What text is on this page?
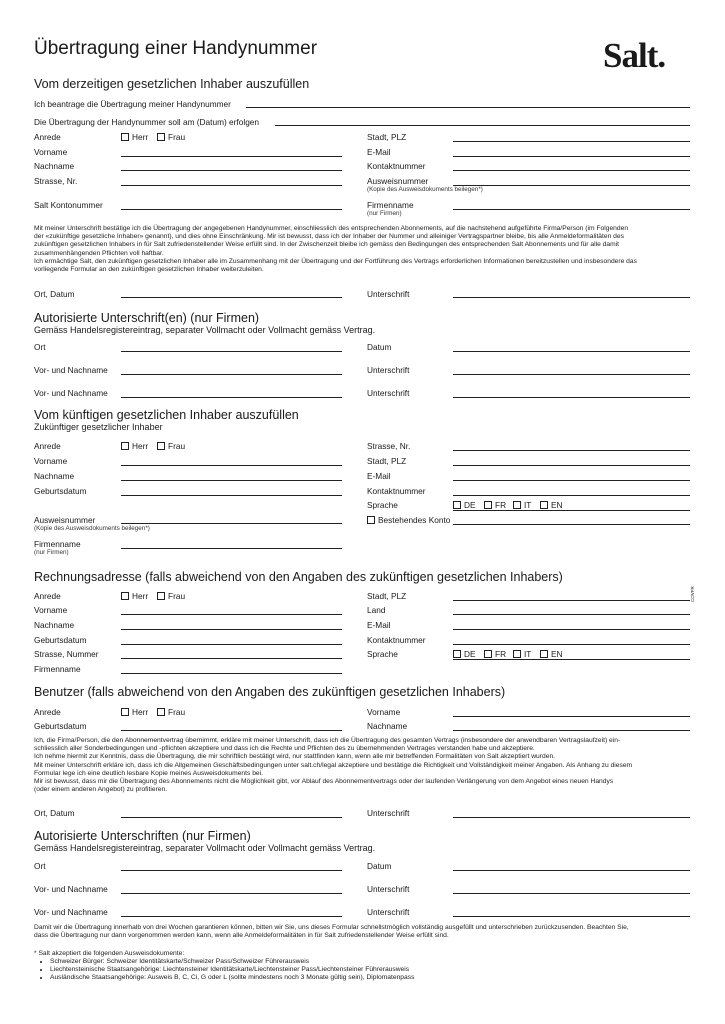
Übertragung einer Handynummer	Salt.
Vom derzeitigen gesetzlichen Inhaber auszufüllen
Ich beantrage die Übertragung meiner Handynummer
Die Übertragung der Handynummer soll am (Datum) erfolgen
Anrede	Herr	Frau	Stadt, PLZ
Vorname	E-Mail
Nachname	Kontaktnummer
Strasse, Nr.	Ausweisnummer
(Kopie des Ausweisdokuments beilegen*)
Salt Kontonummer	Firmenname
(nur Firmen)

Mit meiner Unterschrift bestätige ich die Übertragung der angegebenen Handynummer, einschliesslich des entsprechenden Abonnements, auf die nachstehend aufgeführte Firma/Person (im Folgenden

der «zukünftige gesetzliche Inhaber» genannt), und dies ohne Einschränkung. Mir ist bewusst, dass ich der Inhaber der Nummer und alleiniger Vertragspartner bleibe, bis alle Anmeldeformalitäten des

zukünftigen gesetzlichen Inhabers in für Salt zufriedenstellender Weise erfüllt sind. In der Zwischenzeit bleibe ich gemäss den Bedingungen des entsprechenden Salt Abonnements und für alle damit

zusammenhängenden Pflichten voll haftbar.

Ich ermächtige Salt, den zukünftigen gesetzlichen Inhaber alle im Zusammenhang mit der Übertragung und der Fortführung des Vertrags erforderlichen Informationen bereitzustellen und insbesondere das

vorliegende Formular an den zukünftigen gesetzlichen Inhaber weiterzuleiten.

Ort, Datum	Unterschrift
Autorisierte Unterschrift(en) (nur Firmen)
Gemäss Handelsregistereintrag, separater Vollmacht oder Vollmacht gemäss Vertrag.
Ort	Datum
Vor- und Nachname	Unterschrift
Vor- und Nachname	Unterschrift
Vom künftigen gesetzlichen Inhaber auszufüllen
Zukünftiger gesetzlicher Inhaber
Anrede	Herr	Frau	Strasse, Nr.
Vorname	Stadt, PLZ
Nachname	E-Mail
Geburtsdatum	Kontaktnummer
Sprache	DE	FR	IT	EN
Ausweisnummer
(Kopie des Ausweisdokuments beilegen*)
Bestehendes Konto
Firmenname
(nur Firmen)
Rechnungsadresse (falls abweichend von den Angaben des zukünftigen gesetzlichen Inhabers)
Anrede	Herr	Frau	Stadt, PLZ
Vorname	Land
Nachname	E-Mail
Geburtsdatum	Kontaktnummer
Strasse, Nummer	Sprache	DE	FR	IT	EN
Firmenname
COVFR
Benutzer (falls abweichend von den Angaben des zukünftigen gesetzlichen Inhabers)
Anrede	Herr	Frau	Vorname
Geburtsdatum	Nachname

Ich, die Firma/Person, die den Abonnementvertrag übernimmt, erkläre mit meiner Unterschrift, dass ich die Übertragung des gesamten Vertrags (insbesondere der anwendbaren Vertragslaufzeit) ein-

schliesslich aller Sonderbedingungen und -pflichten akzeptiere und dass ich die Rechte und Pflichten des zu übernehmenden Vertrages verstanden habe und akzeptiere.

Ich nehme hiermit zur Kenntnis, dass die Übertragung, die mir schriftlich bestätigt wird, nur stattfinden kann, wenn alle mir betreffenden Formalitäten von Salt akzeptiert wurden.

Mit meiner Unterschrift erkläre ich, dass ich die Allgemeinen Geschäftsbedingungen unter salt.ch/legal akzeptiere und bestätige die Richtigkeit und Vollständigkeit meiner Angaben. Als Anhang zu diesem

Formular lege ich eine deutlich lesbare Kopie meines Ausweisdokuments bei.

Mir ist bewusst, dass mir die Übertragung des Abonnements nicht die Möglichkeit gibt, vor Ablauf des Abonnementvertrags oder der laufenden Verlängerung von dem Angebot eines neuen Handys

(oder einem anderen Angebot) zu profitieren.

Ort, Datum	Unterschrift
Autorisierte Unterschriften (nur Firmen)
Gemäss Handelsregistereintrag, separater Vollmacht oder Vollmacht gemäss Vertrag.
Ort	Datum
Vor- und Nachname	Unterschrift
Vor- und Nachname	Unterschrift

Damit wir die Übertragung innerhalb von drei Wochen garantieren können, bitten wir Sie, uns dieses Formular schnellstmöglich vollständig ausgefüllt und unterschrieben zurückzusenden. Beachten Sie,

dass die Übertragung nur dann vorgenommen werden kann, wenn alle Anmeldeformalitäten in für Salt zufriedenstellender Weise erfüllt sind.

* Salt akzeptiert die folgenden Ausweisdokumente:
• Schweizer Bürger: Schweizer Identitätskarte/Schweizer Pass/Schweizer Führerausweis
• Liechtensteinische Staatsangehörige: Liechtensteiner Identitätskarte/Liechtensteiner Pass/Liechtensteiner Führerausweis
• Ausländische Staatsangehörige: Ausweis B, C, Ci, G oder L (sollte mindestens noch 3 Monate gültig sein), Diplomatenpass
